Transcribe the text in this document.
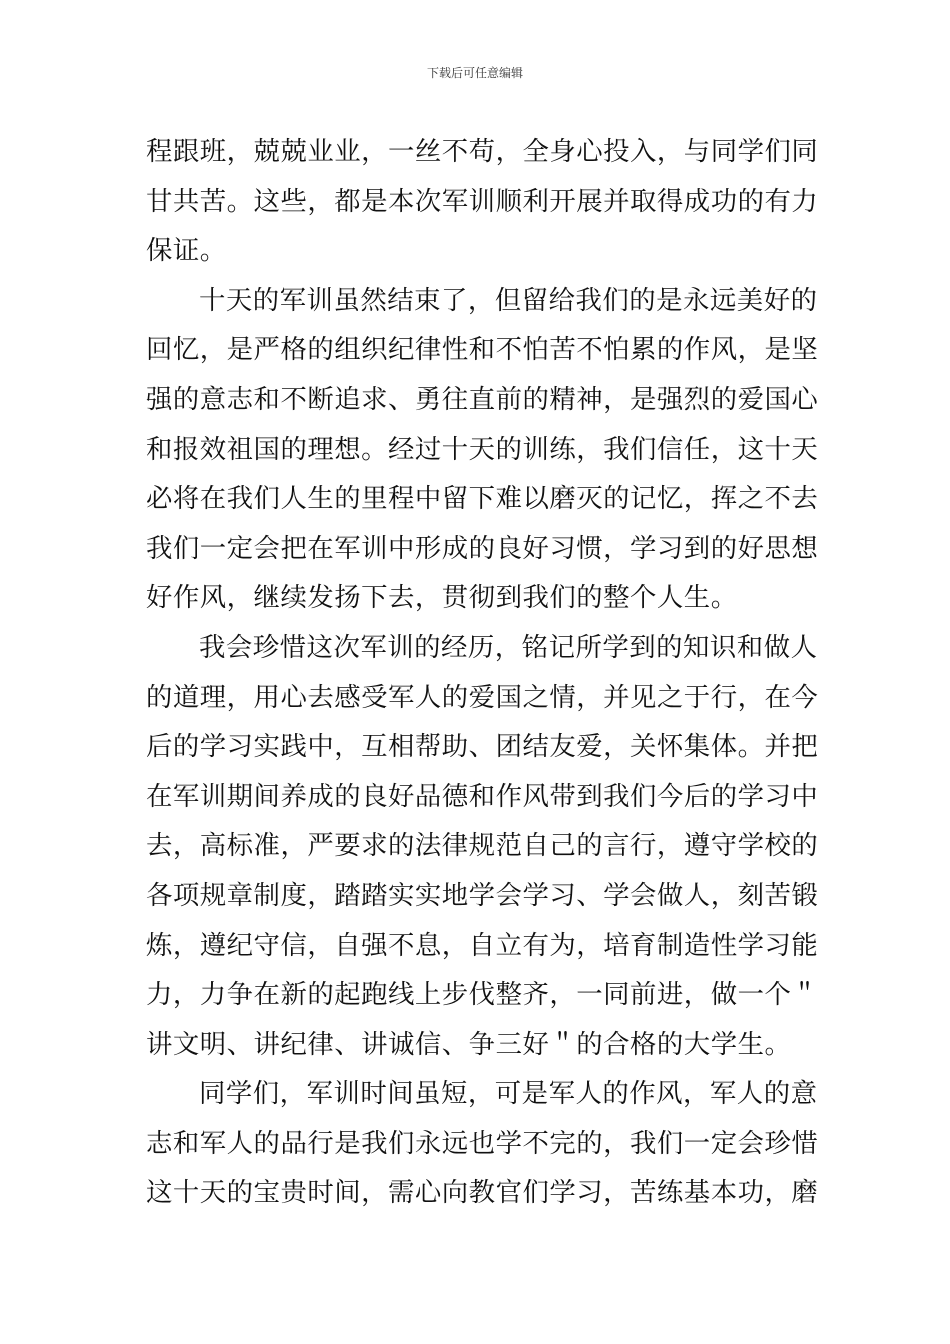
下载后可任意编辑
程跟班，兢兢业业，一丝不苟，全身心投入，与同学们同
甘共苦。这些，都是本次军训顺利开展并取得成功的有力
保证。
十天的军训虽然结束了，但留给我们的是永远美好的
回忆，是严格的组织纪律性和不怕苦不怕累的作风，是坚
强的意志和不断追求、勇往直前的精神，是强烈的爱国心
和报效祖国的理想。经过十天的训练，我们信任，这十天
必将在我们人生的里程中留下难以磨灭的记忆，挥之不去
我们一定会把在军训中形成的良好习惯，学习到的好思想
好作风，继续发扬下去，贯彻到我们的整个人生。
我会珍惜这次军训的经历，铭记所学到的知识和做人
的道理，用心去感受军人的爱国之情，并见之于行，在今
后的学习实践中，互相帮助、团结友爱，关怀集体。并把
在军训期间养成的良好品德和作风带到我们今后的学习中
去，高标准，严要求的法律规范自己的言行，遵守学校的
各项规章制度，踏踏实实地学会学习、学会做人，刻苦锻
炼，遵纪守信，自强不息，自立有为，培育制造性学习能
力，力争在新的起跑线上步伐整齐，一同前进，做一个＂
讲文明、讲纪律、讲诚信、争三好＂的合格的大学生。
同学们，军训时间虽短，可是军人的作风，军人的意
志和军人的品行是我们永远也学不完的，我们一定会珍惜
这十天的宝贵时间，需心向教官们学习，苦练基本功，磨
